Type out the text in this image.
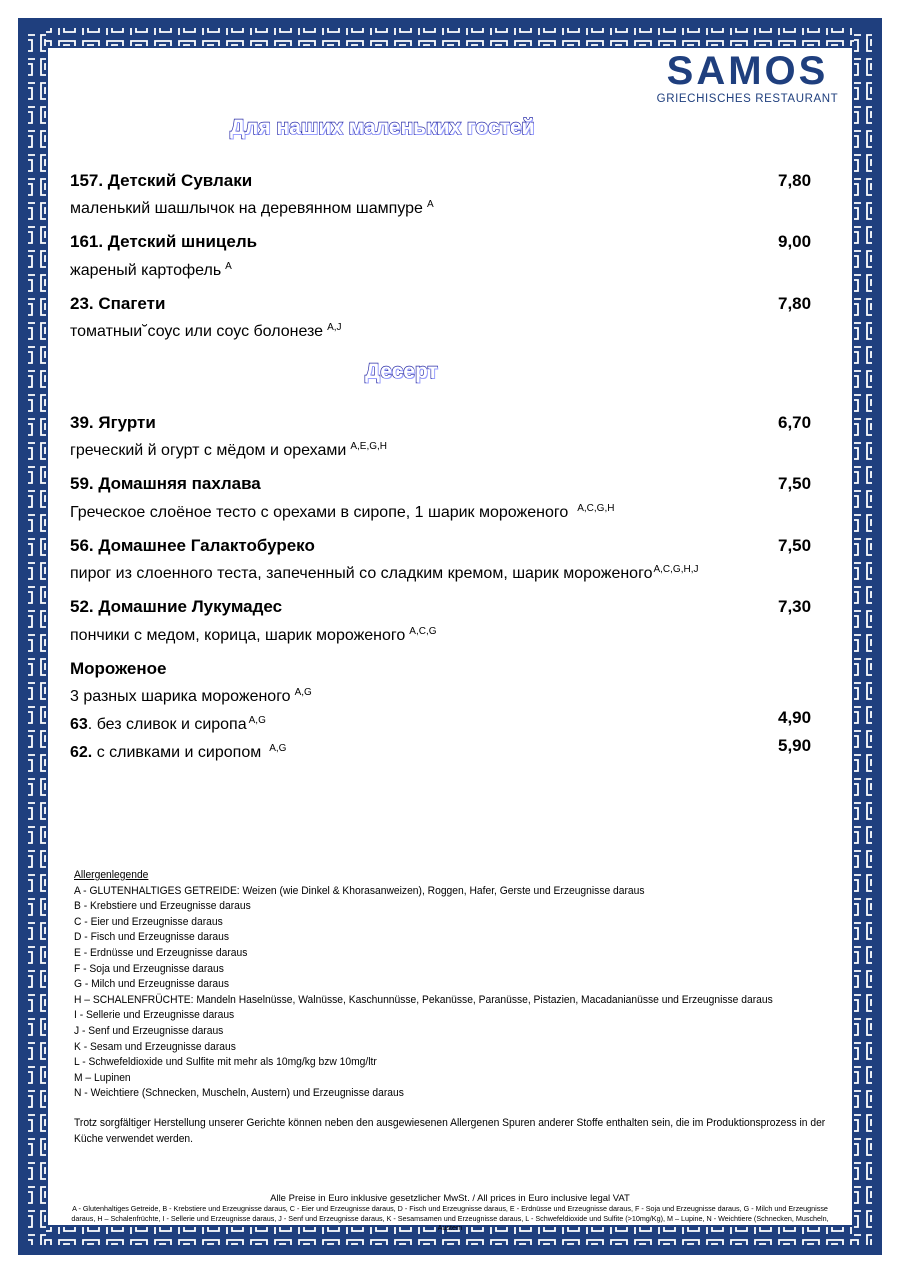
SAMOS
GRIECHISCHES RESTAURANT
Для наших маленьких гостей
157. Детский Сувлаки	7,80
маленький шашлычок на деревянном шампуре $^A$
161. Детский шницель	9,00
жареный картофель $^A$
23. Спагети	7,80
томатныи˘соус или соус болонезе $^{A,J}$
Десерт
39. Ягурти	6,70
греческий й огурт с мёдом и орехами $^{A,E,G,H}$
59. Домашняя пахлава	7,50
Греческое слоёное тесто с орехами в сиропе, 1 шарик мороженого $^{A,C,G,H}$
56. Домашнее Галактобуреко	7,50
пирог из слоенного теста, запеченный со сладким кремом, шарик мороженого$^{A,C,G,H,J}$
52. Домашние Лукумадес	7,30
пончики с медом, корица, шарик мороженого $^{A,C,G}$
Мороженое
3 разных шарика мороженого $^{A,G}$
63. без сливок и сиропа $^{A,G}$	4,90
62. с сливками и сиропом $^{A,G}$	5,90
Allergenlegende
A - GLUTENHALTIGES GETREIDE: Weizen (wie Dinkel & Khorasanweizen), Roggen, Hafer, Gerste und Erzeugnisse daraus
B - Krebstiere und Erzeugnisse daraus
C - Eier und Erzeugnisse daraus
D - Fisch und Erzeugnisse daraus
E - Erdnüsse und Erzeugnisse daraus
F - Soja und Erzeugnisse daraus
G - Milch und Erzeugnisse daraus
H – SCHALENFRÜCHTE: Mandeln Haselnüsse, Walnüsse, Kaschunnüsse, Pekanüsse, Paranüsse, Pistazien, Macadanianüsse und Erzeugnisse daraus
I - Sellerie und Erzeugnisse daraus
J - Senf und Erzeugnisse daraus
K - Sesam und Erzeugnisse daraus
L - Schwefeldioxide und Sulfite mit mehr als 10mg/kg bzw 10mg/ltr
M – Lupinen
N - Weichtiere (Schnecken, Muscheln, Austern) und Erzeugnisse daraus
Trotz sorgfältiger Herstellung unserer Gerichte können neben den ausgewiesenen Allergenen Spuren anderer Stoffe enthalten sein, die im Produktionsprozess in der Küche verwendet werden.
Alle Preise in Euro inklusive gesetzlicher MwSt. / All prices in Euro inclusive legal VAT
A - Glutenhaltiges Getreide, B - Krebstiere und Erzeugnisse daraus, C - Eier und Erzeugnisse daraus, D - Fisch und Erzeugnisse daraus, E - Erdnüsse und Erzeugnisse daraus, F - Soja und Erzeugnisse daraus, G - Milch und Erzeugnisse daraus, H – Schalenfrüchte, I - Sellerie und Erzeugnisse daraus, J - Senf und Erzeugnisse daraus, K - Sesamsamen und Erzeugnisse daraus, L - Schwefeldioxide und Sulfite (>10mg/Kg), M – Lupine, N - Weichtiere (Schnecken, Muscheln, Austern
